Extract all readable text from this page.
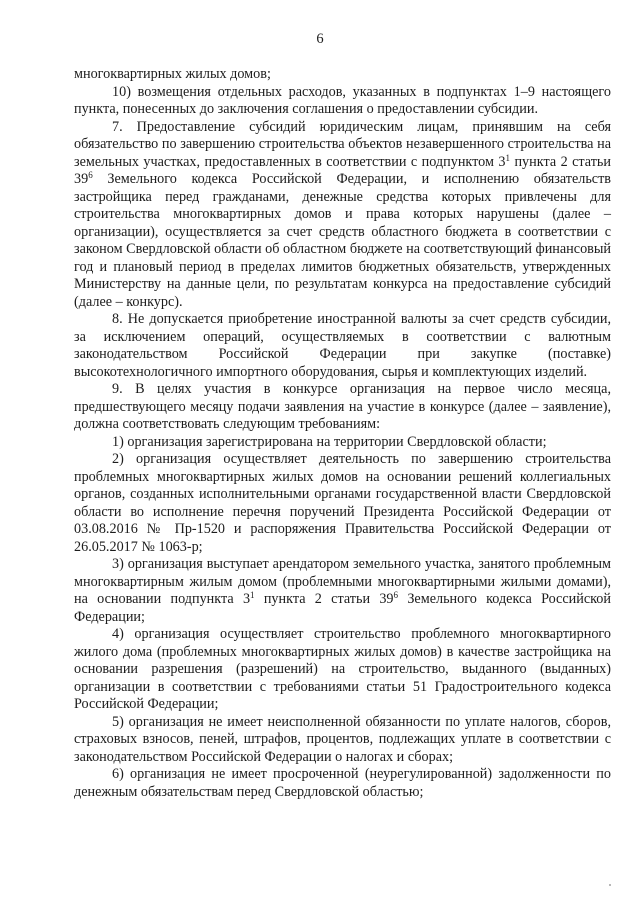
6

многоквартирных жилых домов;

10) возмещения отдельных расходов, указанных в подпунктах 1–9 настоящего пункта, понесенных до заключения соглашения о предоставлении субсидии.

7. Предоставление субсидий юридическим лицам, принявшим на себя обязательство по завершению строительства объектов незавершенного строительства на земельных участках, предоставленных в соответствии с подпунктом $3^1$ пункта 2 статьи $39^6$ Земельного кодекса Российской Федерации, и исполнению обязательств застройщика перед гражданами, денежные средства которых привлечены для строительства многоквартирных домов и права которых нарушены (далее – организации), осуществляется за счет средств областного бюджета в соответствии с законом Свердловской области об областном бюджете на соответствующий финансовый год и плановый период в пределах лимитов бюджетных обязательств, утвержденных Министерству на данные цели, по результатам конкурса на предоставление субсидий (далее – конкурс).

8. Не допускается приобретение иностранной валюты за счет средств субсидии, за исключением операций, осуществляемых в соответствии с валютным законодательством Российской Федерации при закупке (поставке) высокотехнологичного импортного оборудования, сырья и комплектующих изделий.

9. В целях участия в конкурсе организация на первое число месяца, предшествующего месяцу подачи заявления на участие в конкурсе (далее – заявление), должна соответствовать следующим требованиям:

1) организация зарегистрирована на территории Свердловской области;

2) организация осуществляет деятельность по завершению строительства проблемных многоквартирных жилых домов на основании решений коллегиальных органов, созданных исполнительными органами государственной власти Свердловской области во исполнение перечня поручений Президента Российской Федерации от 03.08.2016 № Пр-1520 и распоряжения Правительства Российской Федерации от 26.05.2017 № 1063-р;

3) организация выступает арендатором земельного участка, занятого проблемным многоквартирным жилым домом (проблемными многоквартирными жилыми домами), на основании подпункта $3^1$ пункта 2 статьи $39^6$ Земельного кодекса Российской Федерации;

4) организация осуществляет строительство проблемного многоквартирного жилого дома (проблемных многоквартирных жилых домов) в качестве застройщика на основании разрешения (разрешений) на строительство, выданного (выданных) организации в соответствии с требованиями статьи 51 Градостроительного кодекса Российской Федерации;

5) организация не имеет неисполненной обязанности по уплате налогов, сборов, страховых взносов, пеней, штрафов, процентов, подлежащих уплате в соответствии с законодательством Российской Федерации о налогах и сборах;

6) организация не имеет просроченной (неурегулированной) задолженности по денежным обязательствам перед Свердловской областью;
